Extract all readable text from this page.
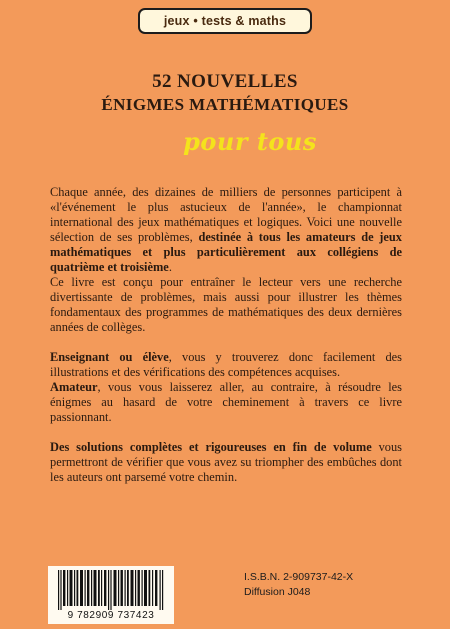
jeux • tests & maths
52 NOUVELLES
ÉNIGMES MATHÉMATIQUES
pour tous

Chaque année, des dizaines de milliers de personnes participent à «l'événement le plus astucieux de l'année», le championnat international des jeux mathématiques et logiques. Voici une nouvelle sélection de ses problèmes, destinée à tous les amateurs de jeux mathématiques et plus particulièrement aux collégiens de quatrième et troisième.

Ce livre est conçu pour entraîner le lecteur vers une recherche divertissante de problèmes, mais aussi pour illustrer les thèmes fondamentaux des programmes de mathématiques des deux dernières années de collèges.

Enseignant ou élève, vous y trouverez donc facilement des illustrations et des vérifications des compétences acquises.

Amateur, vous vous laisserez aller, au contraire, à résoudre les énigmes au hasard de votre cheminement à travers ce livre passionnant.

Des solutions complètes et rigoureuses en fin de volume vous permettront de vérifier que vous avez su triompher des embûches dont les auteurs ont parsemé votre chemin.

9 782909 737423
I.S.B.N. 2-909737-42-X
Diffusion J048
